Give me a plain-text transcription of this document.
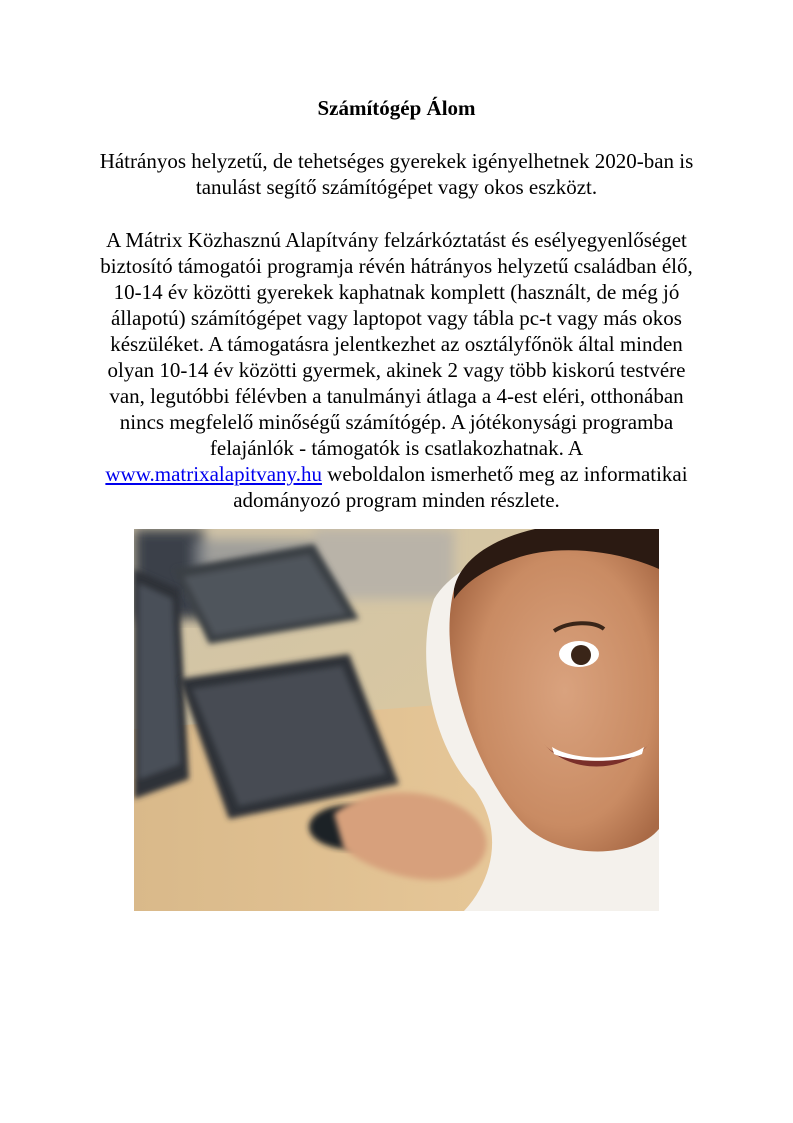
Számítógép Álom
Hátrányos helyzetű, de tehetséges gyerekek igényelhetnek 2020-ban is
tanulást segítő számítógépet vagy okos eszközt.
A Mátrix Közhasznú Alapítvány felzárkóztatást és esélyegyenlőséget biztosító támogatói programja révén hátrányos helyzetű családban élő, 10-14 év közötti gyerekek kaphatnak komplett (használt, de még jó állapotú) számítógépet vagy laptopot vagy tábla pc-t vagy más okos készüléket. A támogatásra jelentkezhet az osztályfőnök által minden olyan 10-14 év közötti gyermek, akinek 2 vagy több kiskorú testvére van, legutóbbi félévben a tanulmányi átlaga a 4-est eléri, otthonában nincs megfelelő minőségű számítógép. A jótékonysági programba felajánlók - támogatók is csatlakozhatnak. A
www.matrixalapitvany.hu weboldalon ismerhető meg az informatikai adományozó program minden részlete.
